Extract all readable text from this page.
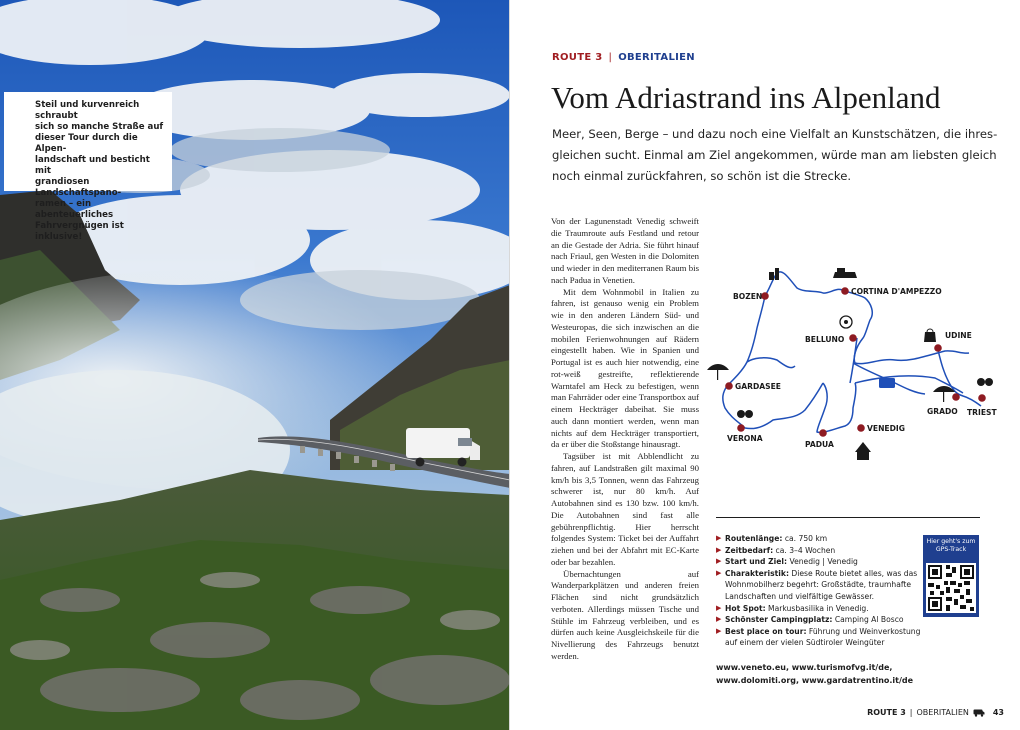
Steil und kurvenreich schraubt
sich so manche Straße auf
dieser Tour durch die Alpen-
landschaft und besticht mit
grandiosen Landschaftspano-
ramen – ein abenteuerliches
Fahrvergnügen ist inklusive!
ROUTE 3 | OBERITALIEN
Vom Adriastrand ins Alpenland

Meer, Seen, Berge – und dazu noch eine Vielfalt an Kunstschätzen, die ihres-

gleichen sucht. Einmal am Ziel angekommen, würde man am liebsten gleich

noch einmal zurückfahren, so schön ist die Strecke.

Von der Lagunenstadt Venedig schweift die Traumroute aufs Festland und retour an die Gestade der Adria. Sie führt hinauf nach Friaul, gen Westen in die Dolomiten und wieder in den mediterranen Raum bis nach Padua in Venetien.

Mit dem Wohnmobil in Italien zu fahren, ist genauso wenig ein Problem wie in den anderen Ländern Süd- und Westeuropas, die sich inzwischen an die mobilen Ferienwohnungen auf Rädern eingestellt haben. Wie in Spanien und Portugal ist es auch hier notwendig, eine rot-weiß gestreifte, reflektierende Warntafel am Heck zu befestigen, wenn man Fahrräder oder eine Transportbox auf einem Heckträger dabeihat. Sie muss auch dann montiert werden, wenn man nichts auf dem Heckträger transportiert, da er über die Stoßstange hinausragt.

Tagsüber ist mit Abblendlicht zu fahren, auf Landstraßen gilt maximal 90 km/h bis 3,5 Tonnen, wenn das Fahrzeug schwerer ist, nur 80 km/h. Auf Autobahnen sind es 130 bzw. 100 km/h. Die Autobahnen sind fast alle gebührenpflichtig. Hier herrscht folgendes System: Ticket bei der Auffahrt ziehen und bei der Abfahrt mit EC-Karte oder bar bezahlen.

Übernachtungen auf Wanderparkplätzen und anderen freien Flächen sind nicht grundsätzlich verboten. Allerdings müssen Tische und Stühle im Fahrzeug verbleiben, und es dürfen auch keine Ausgleichskeile für die Nivellierung des Fahrzeugs benutzt werden.

BOZEN
CORTINA D'AMPEZZO
BELLUNO	UDINE
GARDASEE
GRADO TRIEST
VERONA
PADUA
VENEDIG
▶ Routenlänge: ca. 750 km
▶ Zeitbedarf: ca. 3–4 Wochen
▶ Start und Ziel: Venedig | Venedig
▶ Charakteristik: Diese Route bietet alles, was das Wohnmobilherz begehrt: Großstädte, traumhafte Landschaften und vielfältige Gewässer.
▶ Hot Spot: Markusbasilika in Venedig.
▶ Schönster Campingplatz: Camping Al Bosco
▶ Best place on tour: Führung und Weinverkostung auf einem der vielen Südtiroler Weingüter
Hier geht's zum GPS-Track

www.veneto.eu, www.turismofvg.it/de,

www.dolomiti.org, www.gardatrentino.it/de

ROUTE 3 | OBERITALIEN	43
